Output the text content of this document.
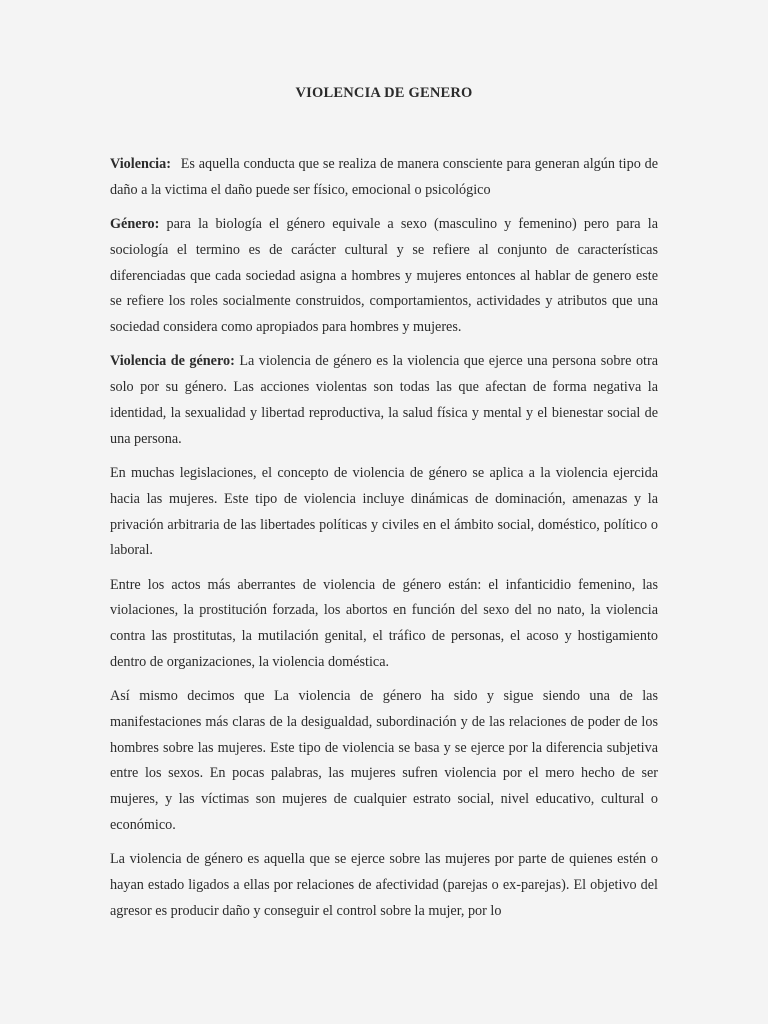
VIOLENCIA DE GENERO

Violencia: Es aquella conducta que se realiza de manera consciente para generan algún tipo de daño a la victima el daño puede ser físico, emocional o psicológico

Género: para la biología el género equivale a sexo (masculino y femenino) pero para la sociología el termino es de carácter cultural y se refiere al conjunto de características diferenciadas que cada sociedad asigna a hombres y mujeres entonces al hablar de genero este se refiere los roles socialmente construidos, comportamientos, actividades y atributos que una sociedad considera como apropiados para hombres y mujeres.

Violencia de género: La violencia de género es la violencia que ejerce una persona sobre otra solo por su género. Las acciones violentas son todas las que afectan de forma negativa la identidad, la sexualidad y libertad reproductiva, la salud física y mental y el bienestar social de una persona.

En muchas legislaciones, el concepto de violencia de género se aplica a la violencia ejercida hacia las mujeres. Este tipo de violencia incluye dinámicas de dominación, amenazas y la privación arbitraria de las libertades políticas y civiles en el ámbito social, doméstico, político o laboral.

Entre los actos más aberrantes de violencia de género están: el infanticidio femenino, las violaciones, la prostitución forzada, los abortos en función del sexo del no nato, la violencia contra las prostitutas, la mutilación genital, el tráfico de personas, el acoso y hostigamiento dentro de organizaciones, la violencia doméstica.

Así mismo decimos que La violencia de género ha sido y sigue siendo una de las manifestaciones más claras de la desigualdad, subordinación y de las relaciones de poder de los hombres sobre las mujeres. Este tipo de violencia se basa y se ejerce por la diferencia subjetiva entre los sexos. En pocas palabras, las mujeres sufren violencia por el mero hecho de ser mujeres, y las víctimas son mujeres de cualquier estrato social, nivel educativo, cultural o económico.

La violencia de género es aquella que se ejerce sobre las mujeres por parte de quienes estén o hayan estado ligados a ellas por relaciones de afectividad (parejas o ex-parejas). El objetivo del agresor es producir daño y conseguir el control sobre la mujer, por lo
